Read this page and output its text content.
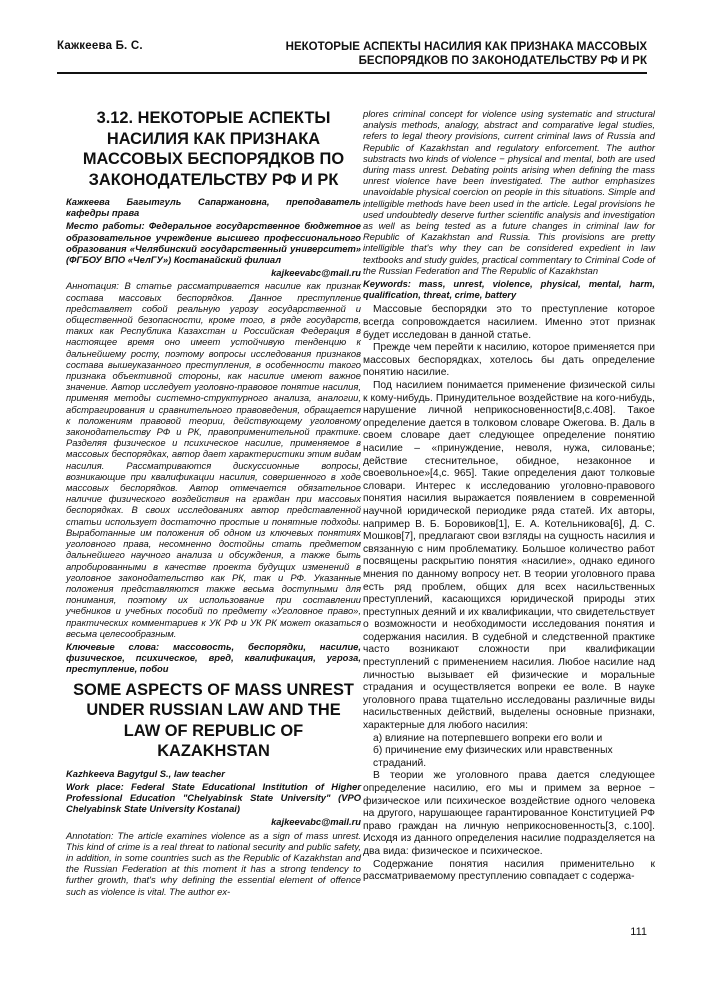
Кажкеева Б. С.	НЕКОТОРЫЕ АСПЕКТЫ НАСИЛИЯ КАК ПРИЗНАКА МАССОВЫХ БЕСПОРЯДКОВ ПО ЗАКОНОДАТЕЛЬСТВУ РФ И РК
3.12. НЕКОТОРЫЕ АСПЕКТЫ НАСИЛИЯ КАК ПРИЗНАКА МАССОВЫХ БЕСПОРЯДКОВ ПО ЗАКОНОДАТЕЛЬСТВУ РФ И РК

Кажкеева Багытгуль Сапаржановна, преподаватель кафедры права

Место работы: Федеральное государственное бюджетное образовательное учреждение высшего профессионального образования «Челябинский государственный университет» (ФГБОУ ВПО «ЧелГУ») Костанайский филиал

kajkeevabc@mail.ru

Аннотация: В статье рассматривается насилие как признак состава массовых беспорядков. Данное преступление представляет собой реальную угрозу государственной и общественной безопасности, кроме того, в ряде государств, таких как Республика Казахстан и Российская Федерация в настоящее время оно имеет устойчивую тенденцию к дальнейшему росту, поэтому вопросы исследования признаков состава вышеуказанного преступления, в особенности такого признака объективной стороны, как насилие имеют важное значение. Автор исследует уголовно-правовое понятие насилия, применяя методы системно-структурного анализа, аналогии, абстрагирования и сравнительного правоведения, обращается к положениям правовой теории, действующему уголовному законодательству РФ и РК, правоприменительной практике. Разделяя физическое и психическое насилие, применяемое в массовых беспорядках, автор дает характеристики этим видам насилия. Рассматриваются дискуссионные вопросы, возникающие при квалификации насилия, совершенного в ходе массовых беспорядков. Автор отмечается обязательное наличие физического воздействия на граждан при массовых беспорядках. В своих исследованиях автор представленной статьи использует достаточно простые и понятные подходы. Выработанные им положения об одном из ключевых понятиях уголовного права, несомненно достойны стать предметом дальнейшего научного анализа и обсуждения, а также быть апробированными в качестве проекта будущих изменений в уголовное законодательство как РК, так и РФ. Указанные положения представляются также весьма доступными для понимания, поэтому их использование при составлении учебников и учебных пособий по предмету «Уголовное право», практических комментариев к УК РФ и УК РК может оказаться весьма целесообразным.

Ключевые слова: массовость, беспорядки, насилие, физическое, психическое, вред, квалификация, угроза, преступление, побои

SOME ASPECTS OF MASS UNREST UNDER RUSSIAN LAW AND THE LAW OF REPUBLIC OF KAZAKHSTAN

Kazhkeeva Bagytgul S., law teacher

Work place: Federal State Educational Institution of Higher Professional Education "Chelyabinsk State University" (VPO Chelyabinsk State University Kostanai)

kajkeevabc@mail.ru

Annotation: The article examines violence as a sign of mass unrest. This kind of crime is a real threat to national security and public safety, in addition, in some countries such as the Republic of Kazakhstan and the Russian Federation at this moment it has a strong tendency to further growth, that's why defining the essential element of offence such as violence is vital. The author ex-

plores criminal concept for violence using systematic and structural analysis methods, analogy, abstract and comparative legal studies, refers to legal theory provisions, current criminal laws of Russia and Republic of Kazakhstan and regulatory enforcement. The author substracts two kinds of violence − physical and mental, both are used during mass unrest. Debating points arising when defining the mass unrest violence have been investigated. The author emphasizes unavoidable physical coercion on people in this situations. Simple and intelligible methods have been used in the article. Legal provisions he used undoubtedly deserve further scientific analysis and investigation as well as being tested as a future changes in criminal law for Republic of Kazakhstan and Russia. This provisions are pretty intelligible that's why they can be considered expedient in law textbooks and study guides, practical commentary to Criminal Code of the Russian Federation and The Republic of Kazakhstan

Keywords: mass, unrest, violence, physical, mental, harm, qualification, threat, crime, battery

Массовые беспорядки это то преступление которое всегда сопровождается насилием. Именно этот признак будет исследован в данной статье.

Прежде чем перейти к насилию, которое применяется при массовых беспорядках, хотелось бы дать определение понятию насилие.

Под насилием понимается применение физической силы к кому-нибудь. Принудительное воздействие на кого-нибудь, нарушение личной неприкосновенности[8,с.408]. Такое определение дается в толковом словаре Ожегова. В. Даль в своем словаре дает следующее определение понятию насилие – «принуждение, неволя, нужа, силованье; действие стеснительное, обидное, незаконное и своевольное»[4,с. 965]. Такие определения дают толковые словари. Интерес к исследованию уголовно-правового понятия насилия выражается появлением в современной научной юридической периодике ряда статей. Их авторы, например В. Б. Боровиков[1], Е. А. Котельникова[6], Д. С. Мошков[7], предлагают свои взгляды на сущность насилия и связанную с ним проблематику. Большое количество работ посвящены раскрытию понятия «насилие», однако единого мнения по данному вопросу нет. В теории уголовного права есть ряд проблем, общих для всех насильственных преступлений, касающихся юридической природы этих преступных деяний и их квалификации, что свидетельствует о возможности и необходимости исследования понятия и содержания насилия. В судебной и следственной практике часто возникают сложности при квалификации преступлений с применением насилия. Любое насилие над личностью вызывает ей физические и моральные страдания и осуществляется вопреки ее воле. В науке уголовного права тщательно исследованы различные виды насильственных действий, выделены основные признаки, характерные для любого насилия:

а) влияние на потерпевшего вопреки его воли и

б) причинение ему физических или нравственных страданий.

В теории же уголовного права дается следующее определение насилию, его мы и примем за верное − физическое или психическое воздействие одного человека на другого, нарушающее гарантированное Конституцией РФ право граждан на личную неприкосновенность[3, с.100]. Исходя из данного определения насилие подразделяется на два вида: физическое и психическое.

Содержание понятия насилия применительно к рассматриваемому преступлению совпадает с содержа-

111
